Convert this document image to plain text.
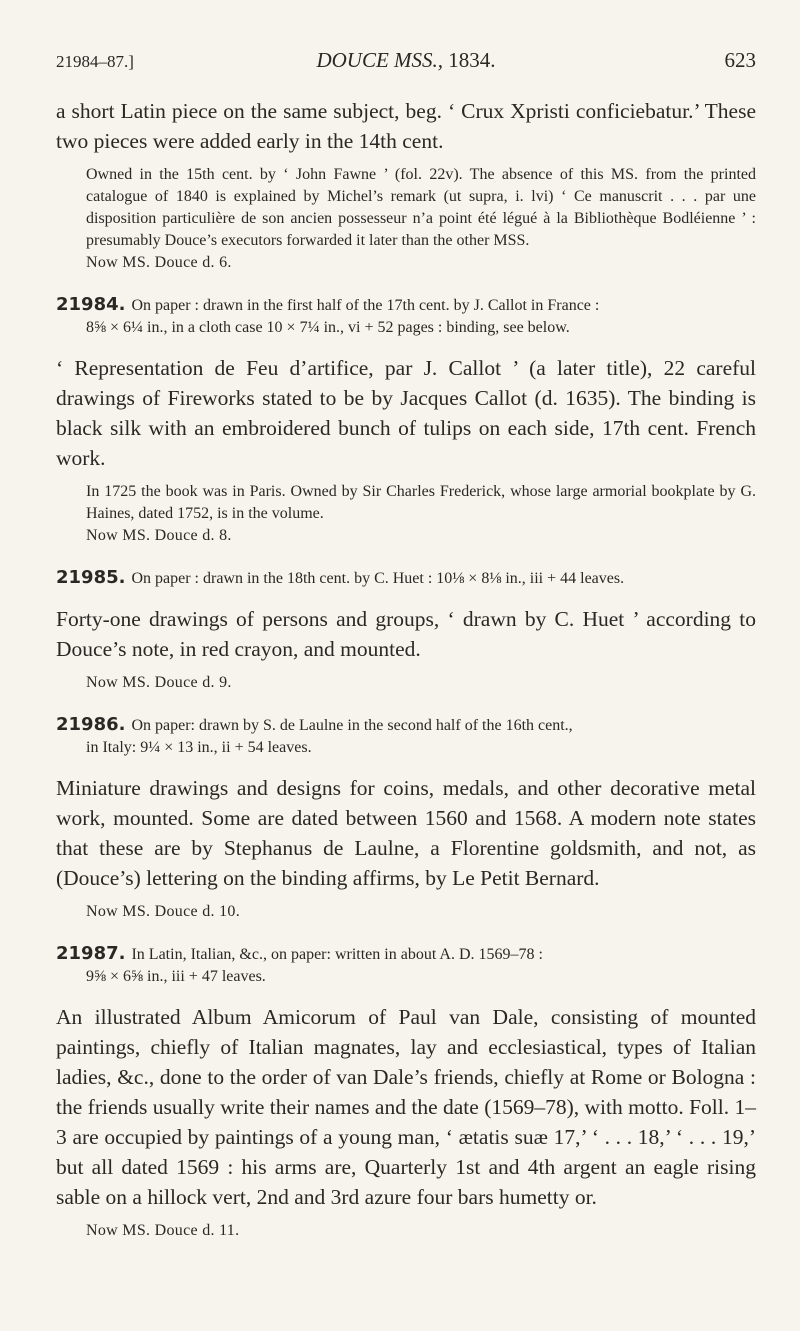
21984–87.]	DOUCE MSS., 1834.	623

a short Latin piece on the same subject, beg. ‘ Crux Xpristi conficiebatur.’ These two pieces were added early in the 14th cent.

Owned in the 15th cent. by ‘ John Fawne ’ (fol. 22v). The absence of this MS. from the printed catalogue of 1840 is explained by Michel’s remark (ut supra, i. lvi) ‘ Ce manuscrit . . . par une disposition particulière de son ancien possesseur n’a point été légué à la Bibliothèque Bodléienne ’ : presumably Douce’s executors forwarded it later than the other MSS.

Now MS. Douce d. 6.

21984. On paper : drawn in the first half of the 17th cent. by J. Callot in France :
8⅝ × 6¼ in., in a cloth case 10 × 7¼ in., vi + 52 pages : binding, see below.

‘ Representation de Feu d’artifice, par J. Callot ’ (a later title), 22 careful drawings of Fireworks stated to be by Jacques Callot (d. 1635). The binding is black silk with an embroidered bunch of tulips on each side, 17th cent. French work.

In 1725 the book was in Paris. Owned by Sir Charles Frederick, whose large armorial bookplate by G. Haines, dated 1752, is in the volume.

Now MS. Douce d. 8.

21985. On paper : drawn in the 18th cent. by C. Huet : 10⅛ × 8⅛ in., iii + 44 leaves.

Forty-one drawings of persons and groups, ‘ drawn by C. Huet ’ according to Douce’s note, in red crayon, and mounted.

Now MS. Douce d. 9.

21986. On paper: drawn by S. de Laulne in the second half of the 16th cent.,
in Italy: 9¼ × 13 in., ii + 54 leaves.

Miniature drawings and designs for coins, medals, and other decorative metal work, mounted. Some are dated between 1560 and 1568. A modern note states that these are by Stephanus de Laulne, a Florentine goldsmith, and not, as (Douce’s) lettering on the binding affirms, by Le Petit Bernard.

Now MS. Douce d. 10.

21987. In Latin, Italian, &c., on paper: written in about A. D. 1569–78 :
9⅝ × 6⅝ in., iii + 47 leaves.

An illustrated Album Amicorum of Paul van Dale, consisting of mounted paintings, chiefly of Italian magnates, lay and ecclesiastical, types of Italian ladies, &c., done to the order of van Dale’s friends, chiefly at Rome or Bologna : the friends usually write their names and the date (1569–78), with motto. Foll. 1–3 are occupied by paintings of a young man, ‘ ætatis suæ 17,’ ‘ . . . 18,’ ‘ . . . 19,’ but all dated 1569 : his arms are, Quarterly 1st and 4th argent an eagle rising sable on a hillock vert, 2nd and 3rd azure four bars humetty or.

Now MS. Douce d. 11.
